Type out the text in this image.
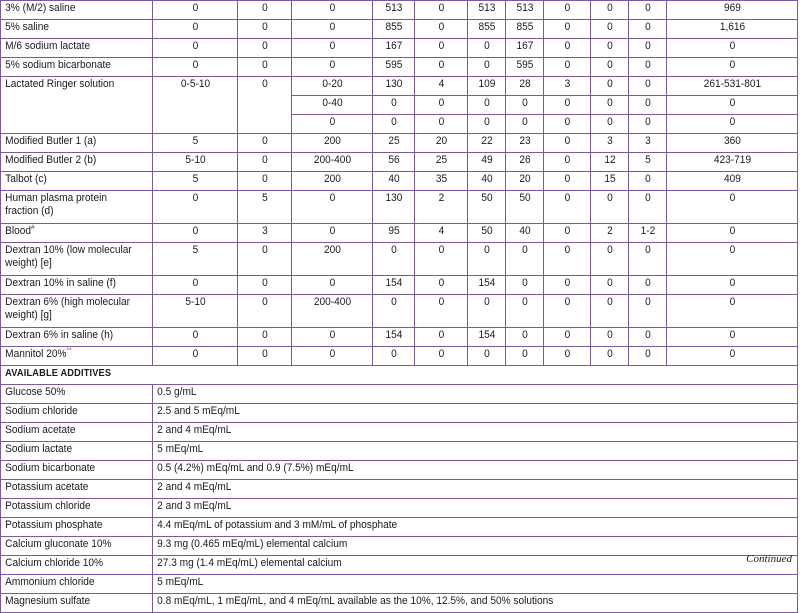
3% (M/2) saline	0	0	0	513	0	513	513	0	0	0	969
5% saline	0	0	0	855	0	855	855	0	0	0	1,616
M/6 sodium lactate	0	0	0	167	0	0	167	0	0	0	0
5% sodium bicarbonate	0	0	0	595	0	0	595	0	0	0	0
Lactated Ringer solution	0-5-10	0	0-20	130	4	109	28	3	0	0	261-531-801
			0-40	0	0	0	0	0	0	0	0
			0	0	0	0	0	0	0	0	0
Modified Butler 1 (a)	5	0	200	25	20	22	23	0	3	3	360
Modified Butler 2 (b)	5-10	0	200-400	56	25	49	26	0	12	5	423-719
Talbot (c)	5	0	200	40	35	40	20	0	15	0	409
Human plasma protein fraction (d)	0	5	0	130	2	50	50	0	0	0	0
Blood#	0	3	0	95	4	50	40	0	2	1-2	0
Dextran 10% (low molecular weight) [e]	5	0	200	0	0	0	0	0	0	0	0
Dextran 10% in saline (f)	0	0	0	154	0	154	0	0	0	0	0
Dextran 6% (high molecular weight) [g]	5-10	0	200-400	0	0	0	0	0	0	0	0
Dextran 6% in saline (h)	0	0	0	154	0	154	0	0	0	0	0
Mannitol 20%**	0	0	0	0	0	0	0	0	0	0	0
AVAILABLE ADDITIVES											
Glucose 50%	0.5 g/mL										
Sodium chloride	2.5 and 5 mEq/mL										
Sodium acetate	2 and 4 mEq/mL										
Sodium lactate	5 mEq/mL										
Sodium bicarbonate	0.5 (4.2%) mEq/mL and 0.9 (7.5%) mEq/mL										
Potassium acetate	2 and 4 mEq/mL										
Potassium chloride	2 and 3 mEq/mL										
Potassium phosphate	4.4 mEq/mL of potassium and 3 mM/mL of phosphate										
Calcium gluconate 10%	9.3 mg (0.465 mEq/mL) elemental calcium										
Calcium chloride 10%	27.3 mg (1.4 mEq/mL) elemental calcium										
Ammonium chloride	5 mEq/mL										
Magnesium sulfate	0.8 mEq/mL, 1 mEq/mL, and 4 mEq/mL available as the 10%, 12.5%, and 50% solutions										
Continued
